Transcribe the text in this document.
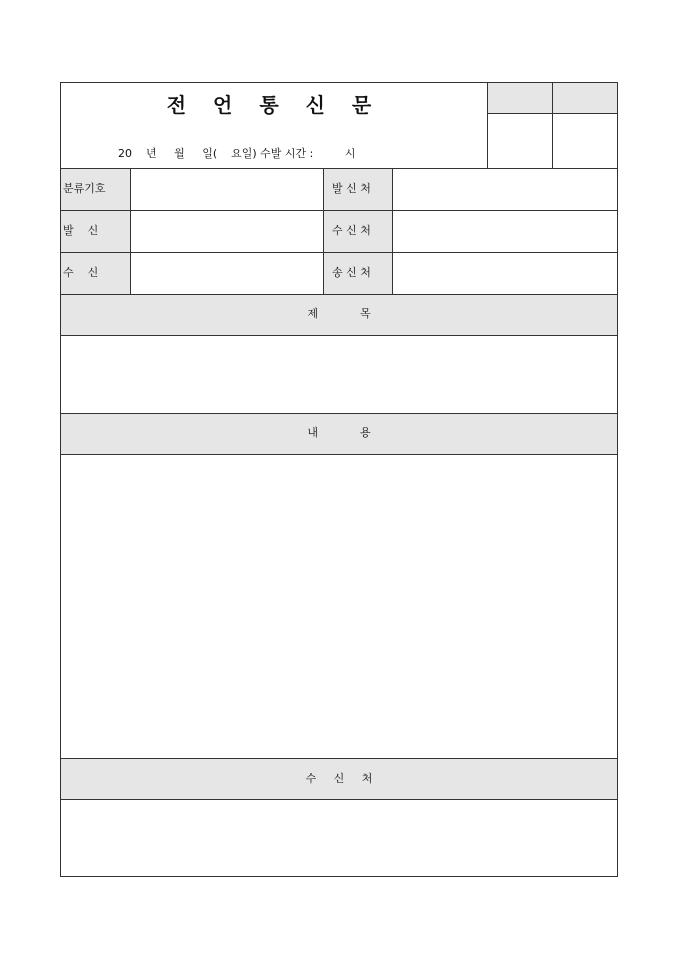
전 언 통 신 문
20    년     월     일(    요일) 수발 시간 :         시
분류기호	발 신 처
발    신	수 신 처
수    신	송 신 처
제            목
내            용
수     신     처
